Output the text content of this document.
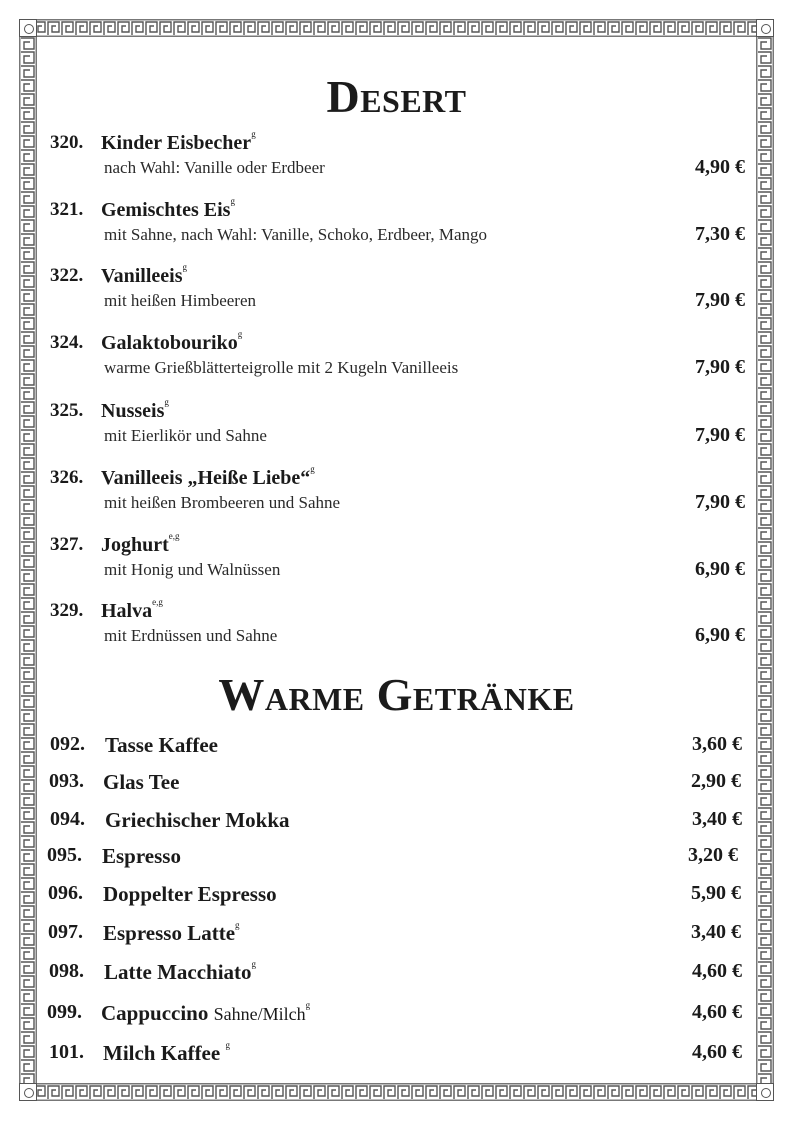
Desert
320. Kinder Eisbecher$^g$
nach Wahl: Vanille oder Erdbeer	4,90 €
321. Gemischtes Eis$^g$
mit Sahne, nach Wahl: Vanille, Schoko, Erdbeer, Mango	7,30 €
322. Vanilleeis$^g$
mit heißen Himbeeren	7,90 €
324. Galaktobouriko$^g$
warme Grießblätterteigrolle mit 2 Kugeln Vanilleeis	7,90 €
325. Nusseis$^g$
mit Eierlikör und Sahne	7,90 €
326. Vanilleeis „Heiße Liebe“$^g$
mit heißen Brombeeren und Sahne	7,90 €
327. Joghurt$^{e,g}$
mit Honig und Walnüssen	6,90 €
329. Halva$^{e,g}$
mit Erdnüssen und Sahne	6,90 €
Warme Getränke
092. Tasse Kaffee	3,60 €
093. Glas Tee	2,90 €
094. Griechischer Mokka	3,40 €
095. Espresso	3,20 €
096. Doppelter Espresso	5,90 €
097. Espresso Latte$^g$	3,40 €
098. Latte Macchiato$^g$	4,60 €
099. Cappuccino Sahne/Milch$^g$	4,60 €
101. Milch Kaffee $^g$	4,60 €
